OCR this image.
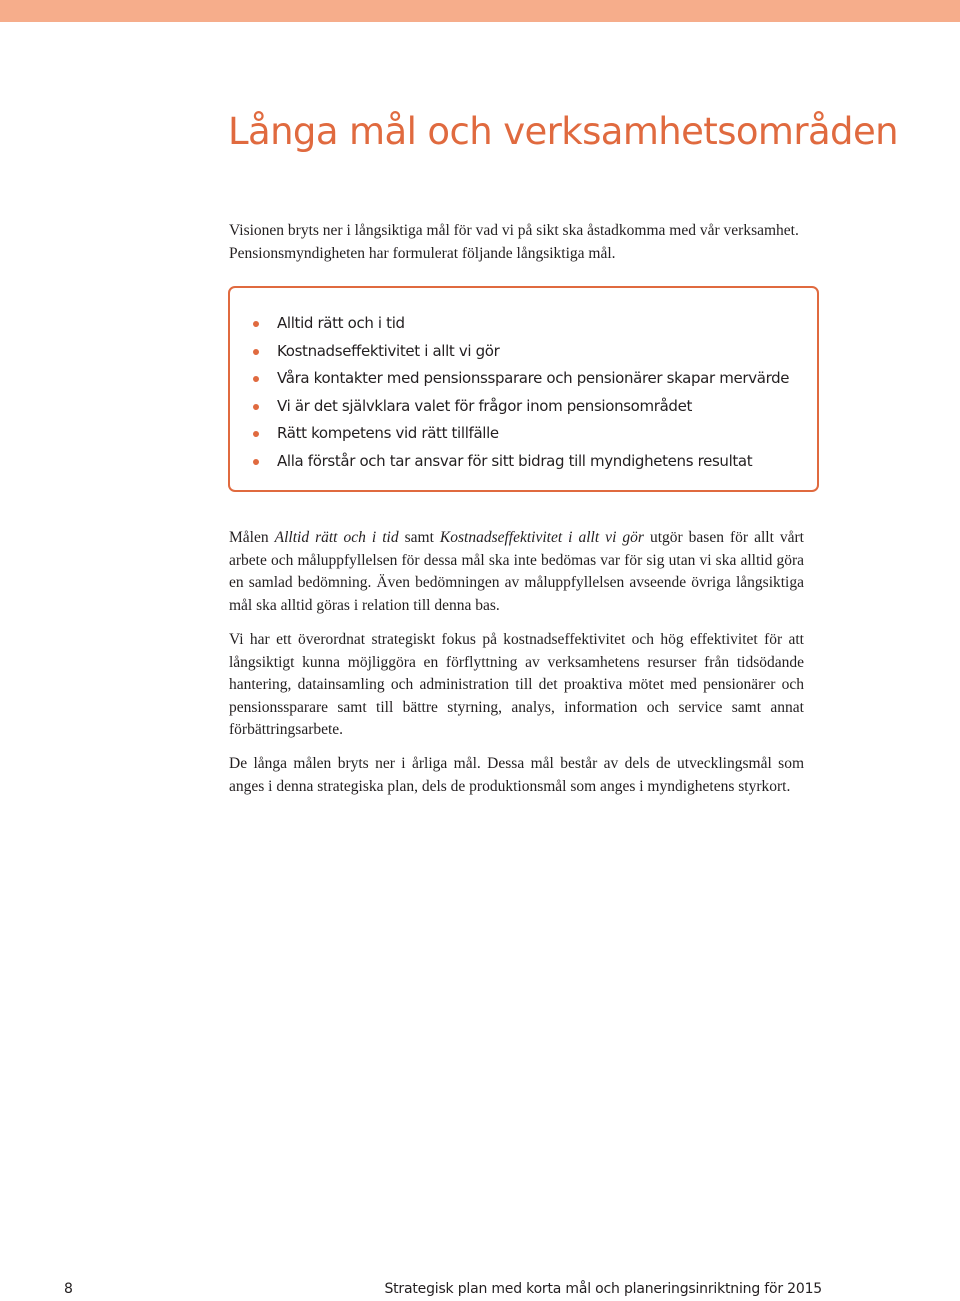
Långa mål och verksamhetsområden

Visionen bryts ner i långsiktiga mål för vad vi på sikt ska åstadkomma med vår verksamhet. Pensionsmyndigheten har formulerat följande långsiktiga mål.

Alltid rätt och i tid
Kostnadseffektivitet i allt vi gör
Våra kontakter med pensionssparare och pensionärer skapar mervärde
Vi är det självklara valet för frågor inom pensionsområdet
Rätt kompetens vid rätt tillfälle
Alla förstår och tar ansvar för sitt bidrag till myndighetens resultat

Målen Alltid rätt och i tid samt Kostnadseffektivitet i allt vi gör utgör basen för allt vårt arbete och måluppfyllelsen för dessa mål ska inte bedömas var för sig utan vi ska alltid göra en samlad bedömning. Även bedömningen av måluppfyllelsen avseende övriga långsiktiga mål ska alltid göras i relation till denna bas.

Vi har ett överordnat strategiskt fokus på kostnadseffektivitet och hög effektivitet för att långsiktigt kunna möjliggöra en förflyttning av verksamhetens resurser från tidsödande hantering, datainsamling och administration till det proaktiva mötet med pensionärer och pensionssparare samt till bättre styrning, analys, information och service samt annat förbättringsarbete.

De långa målen bryts ner i årliga mål. Dessa mål består av dels de utvecklingsmål som anges i denna strategiska plan, dels de produktionsmål som anges i myndighetens styrkort.

8	Strategisk plan med korta mål och planeringsinriktning för 2015
